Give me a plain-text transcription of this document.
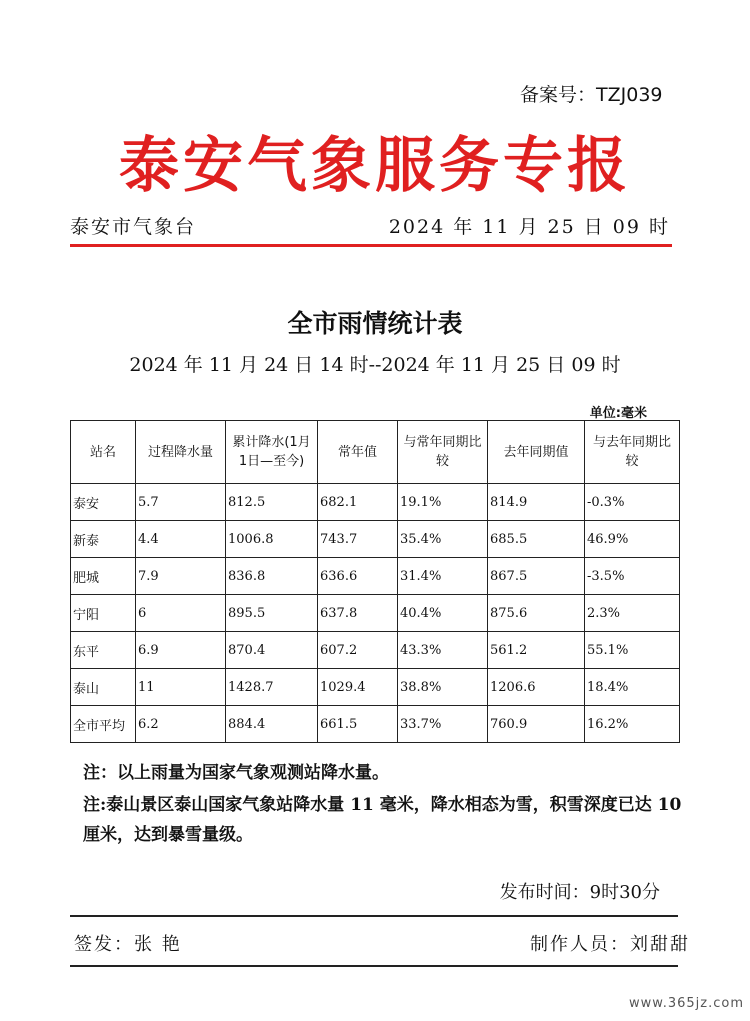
备案号：TZJ039
泰安气象服务专报
泰安市气象台	2024 年 11 月 25 日 09 时
全市雨情统计表
2024 年 11 月 24 日 14 时--2024 年 11 月 25 日 09 时
单位:毫米
站名	过程降水量	累计降水(1月1日—至今)	常年值	与常年同期比较	去年同期值	与去年同期比较
泰安	5.7	812.5	682.1	19.1%	814.9	-0.3%
新泰	4.4	1006.8	743.7	35.4%	685.5	46.9%
肥城	7.9	836.8	636.6	31.4%	867.5	-3.5%
宁阳	6	895.5	637.8	40.4%	875.6	2.3%
东平	6.9	870.4	607.2	43.3%	561.2	55.1%
泰山	11	1428.7	1029.4	38.8%	1206.6	18.4%
全市平均	6.2	884.4	661.5	33.7%	760.9	16.2%

注：以上雨量为国家气象观测站降水量。

注:泰山景区泰山国家气象站降水量 11 毫米，降水相态为雪，积雪深度已达 10 厘米，达到暴雪量级。

发布时间：9时30分
签发：张 艳	制作人员：刘甜甜
www.365jz.com
